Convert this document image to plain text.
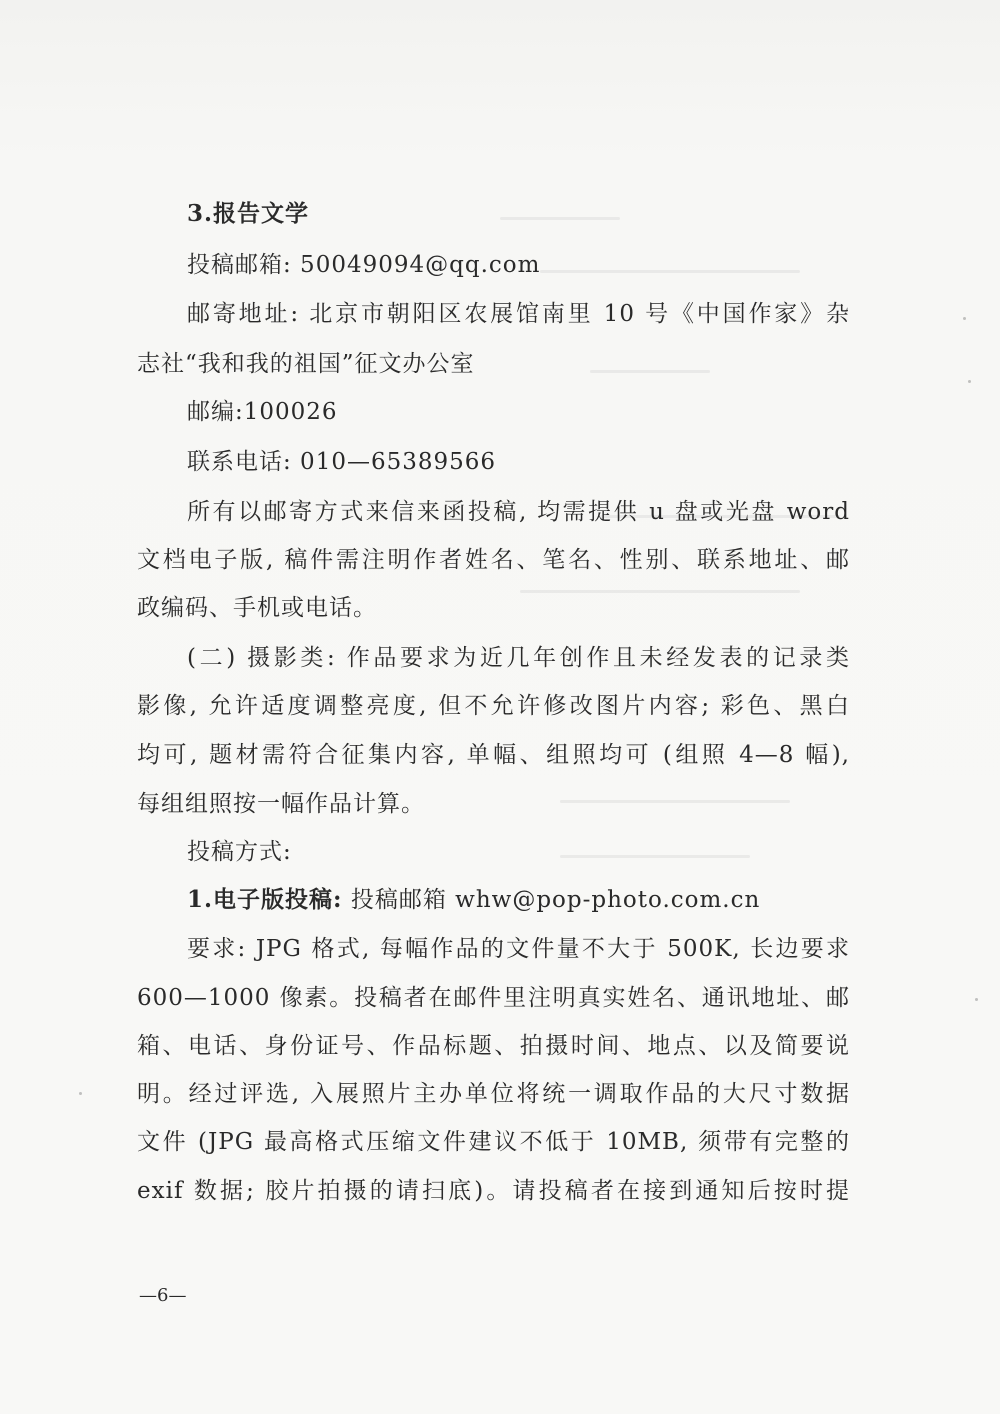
3.报告文学
投稿邮箱: 50049094@qq.com
邮寄地址: 北京市朝阳区农展馆南里 10 号《中国作家》杂
志社“我和我的祖国”征文办公室
邮编:100026
联系电话: 010—65389566
所有以邮寄方式来信来函投稿, 均需提供 u 盘或光盘 word
文档电子版, 稿件需注明作者姓名、笔名、性别、联系地址、邮
政编码、手机或电话。
(二) 摄影类: 作品要求为近几年创作且未经发表的记录类
影像, 允许适度调整亮度, 但不允许修改图片内容; 彩色、黑白
均可, 题材需符合征集内容, 单幅、组照均可 (组照 4—8 幅),
每组组照按一幅作品计算。
投稿方式:
1.电子版投稿: 投稿邮箱 whw@pop-photo.com.cn
要求: JPG 格式, 每幅作品的文件量不大于 500K, 长边要求
600—1000 像素。投稿者在邮件里注明真实姓名、通讯地址、邮
箱、电话、身份证号、作品标题、拍摄时间、地点、以及简要说
明。经过评选, 入展照片主办单位将统一调取作品的大尺寸数据
文件 (JPG 最高格式压缩文件建议不低于 10MB, 须带有完整的
exif 数据; 胶片拍摄的请扫底)。请投稿者在接到通知后按时提
—6—
